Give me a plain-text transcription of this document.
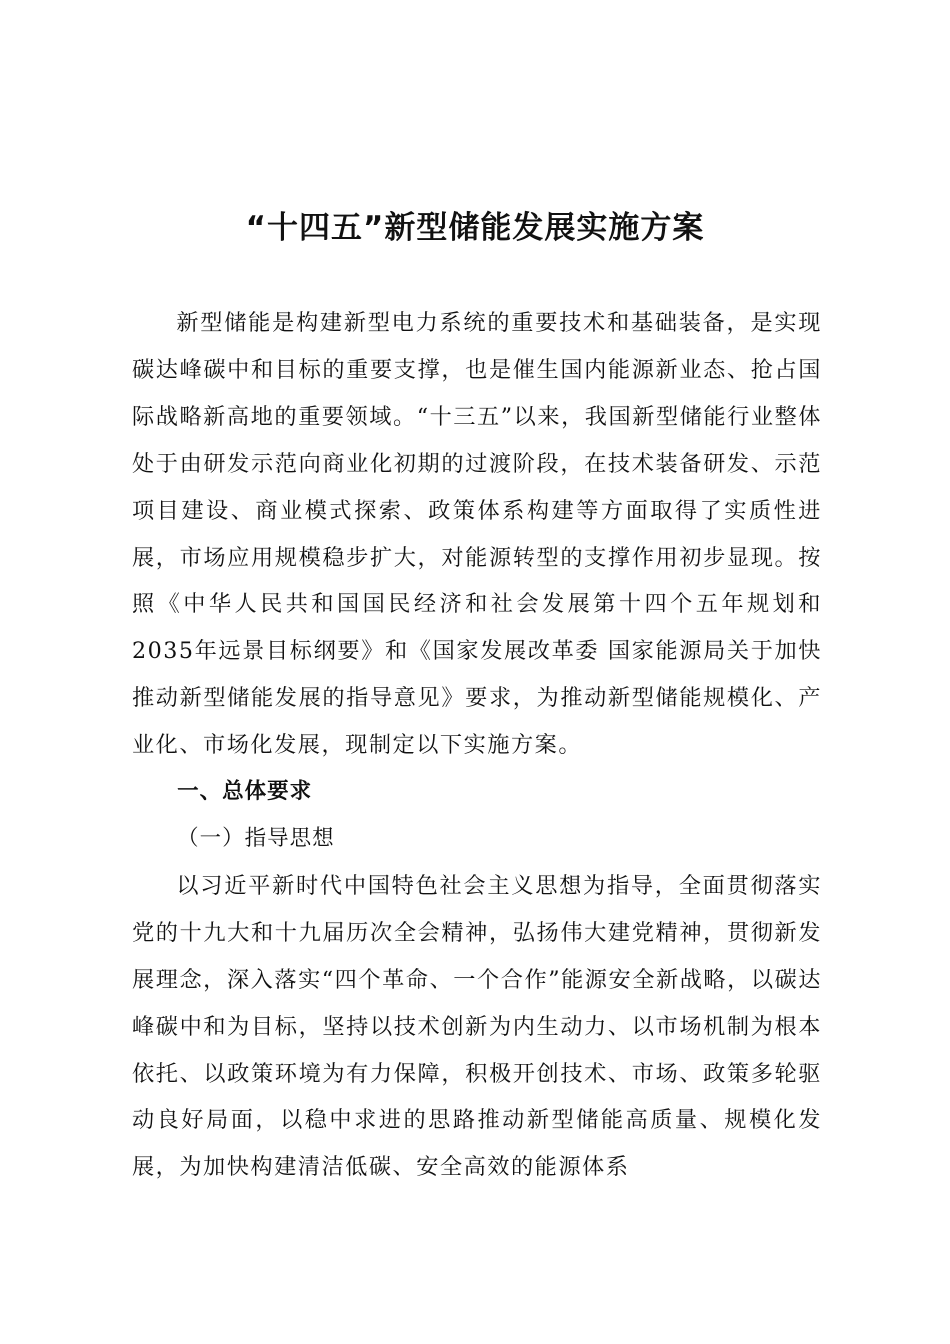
“十四五”新型储能发展实施方案

新型储能是构建新型电力系统的重要技术和基础装备，是实现碳达峰碳中和目标的重要支撑，也是催生国内能源新业态、抢占国际战略新高地的重要领域。“十三五”以来，我国新型储能行业整体处于由研发示范向商业化初期的过渡阶段，在技术装备研发、示范项目建设、商业模式探索、政策体系构建等方面取得了实质性进展，市场应用规模稳步扩大，对能源转型的支撑作用初步显现。按照《中华人民共和国国民经济和社会发展第十四个五年规划和2035年远景目标纲要》和《国家发展改革委 国家能源局关于加快推动新型储能发展的指导意见》要求，为推动新型储能规模化、产业化、市场化发展，现制定以下实施方案。

一、总体要求

（一）指导思想

以习近平新时代中国特色社会主义思想为指导，全面贯彻落实党的十九大和十九届历次全会精神，弘扬伟大建党精神，贯彻新发展理念，深入落实“四个革命、一个合作”能源安全新战略，以碳达峰碳中和为目标，坚持以技术创新为内生动力、以市场机制为根本依托、以政策环境为有力保障，积极开创技术、市场、政策多轮驱动良好局面，以稳中求进的思路推动新型储能高质量、规模化发展，为加快构建清洁低碳、安全高效的能源体系
